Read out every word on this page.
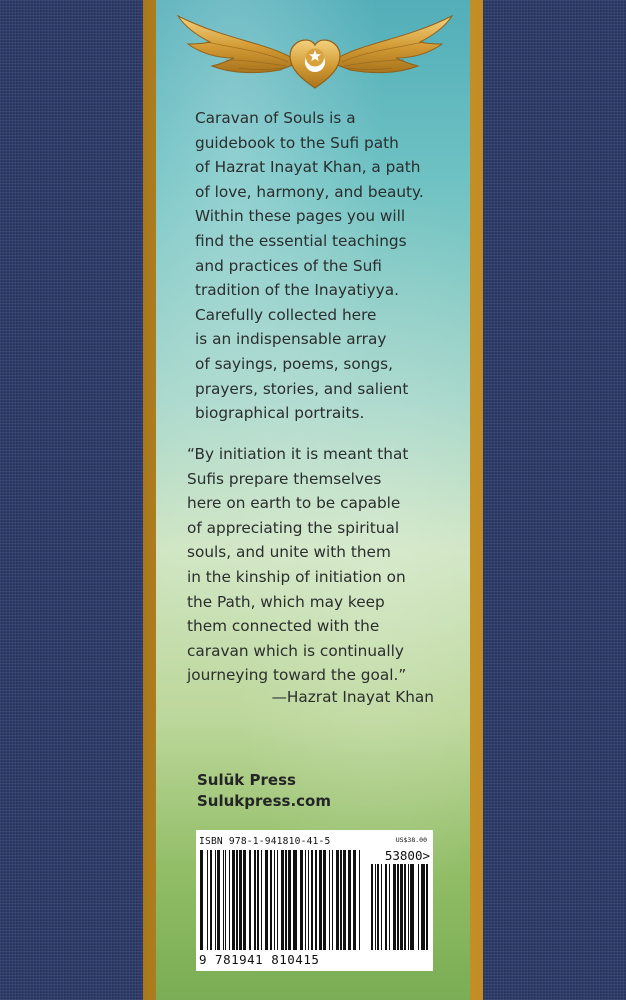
Caravan of Souls is a
guidebook to the Sufi path
of Hazrat Inayat Khan, a path
of love, harmony, and beauty.
Within these pages you will
find the essential teachings
and practices of the Sufi
tradition of the Inayatiyya.
Carefully collected here
is an indispensable array
of sayings, poems, songs,
prayers, stories, and salient
biographical portraits.
“By initiation it is meant that
Sufis prepare themselves
here on earth to be capable
of appreciating the spiritual
souls, and unite with them
in the kinship of initiation on
the Path, which may keep
them connected with the
caravan which is continually
journeying toward the goal.”
—Hazrat Inayat Khan
Sulūk Press
Sulukpress.com
ISBN 978-1-941810-41-5	US$38.00
53800>
9 781941 810415
